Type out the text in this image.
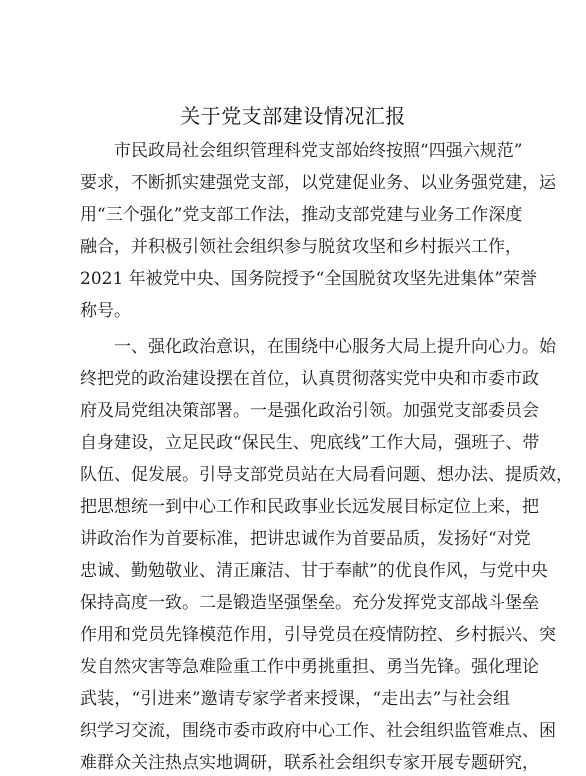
关于党支部建设情况汇报
市民政局社会组织管理科党支部始终按照“四强六规范”
要求，不断抓实建强党支部，以党建促业务、以业务强党建，运
用“三个强化”党支部工作法，推动支部党建与业务工作深度
融合，并积极引领社会组织参与脱贫攻坚和乡村振兴工作，
2021 年被党中央、国务院授予“全国脱贫攻坚先进集体”荣誉
称号。
一、强化政治意识，在围绕中心服务大局上提升向心力。始
终把党的政治建设摆在首位，认真贯彻落实党中央和市委市政
府及局党组决策部署。一是强化政治引领。加强党支部委员会
自身建设，立足民政“保民生、兜底线”工作大局，强班子、带
队伍、促发展。引导支部党员站在大局看问题、想办法、提质效，
把思想统一到中心工作和民政事业长远发展目标定位上来，把
讲政治作为首要标准，把讲忠诚作为首要品质，发扬好“对党
忠诚、勤勉敬业、清正廉洁、甘于奉献”的优良作风，与党中央
保持高度一致。二是锻造坚强堡垒。充分发挥党支部战斗堡垒
作用和党员先锋模范作用，引导党员在疫情防控、乡村振兴、突
发自然灾害等急难险重工作中勇挑重担、勇当先锋。强化理论
武装，“引进来”邀请专家学者来授课，“走出去”与社会组
织学习交流，围绕市委市政府中心工作、社会组织监管难点、困
难群众关注热点实地调研，联系社会组织专家开展专题研究，
